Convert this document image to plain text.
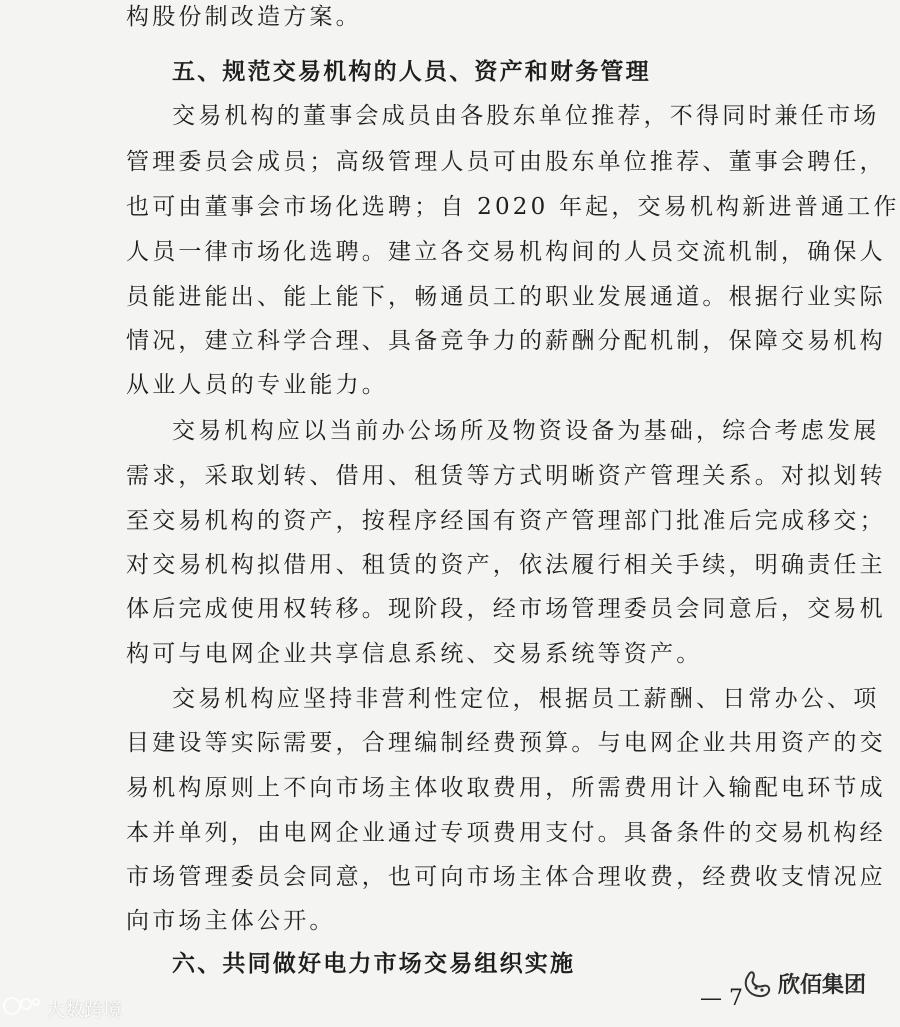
构股份制改造方案。
五、规范交易机构的人员、资产和财务管理
交易机构的董事会成员由各股东单位推荐，不得同时兼任市场
管理委员会成员；高级管理人员可由股东单位推荐、董事会聘任，
也可由董事会市场化选聘；自 2020 年起，交易机构新进普通工作
人员一律市场化选聘。建立各交易机构间的人员交流机制，确保人
员能进能出、能上能下，畅通员工的职业发展通道。根据行业实际
情况，建立科学合理、具备竞争力的薪酬分配机制，保障交易机构
从业人员的专业能力。
交易机构应以当前办公场所及物资设备为基础，综合考虑发展
需求，采取划转、借用、租赁等方式明晰资产管理关系。对拟划转
至交易机构的资产，按程序经国有资产管理部门批准后完成移交；
对交易机构拟借用、租赁的资产，依法履行相关手续，明确责任主
体后完成使用权转移。现阶段，经市场管理委员会同意后，交易机
构可与电网企业共享信息系统、交易系统等资产。
交易机构应坚持非营利性定位，根据员工薪酬、日常办公、项
目建设等实际需要，合理编制经费预算。与电网企业共用资产的交
易机构原则上不向市场主体收取费用，所需费用计入输配电环节成
本并单列，由电网企业通过专项费用支付。具备条件的交易机构经
市场管理委员会同意，也可向市场主体合理收费，经费收支情况应
向市场主体公开。
六、共同做好电力市场交易组织实施
— 7
大数跨境
欣佰集团
